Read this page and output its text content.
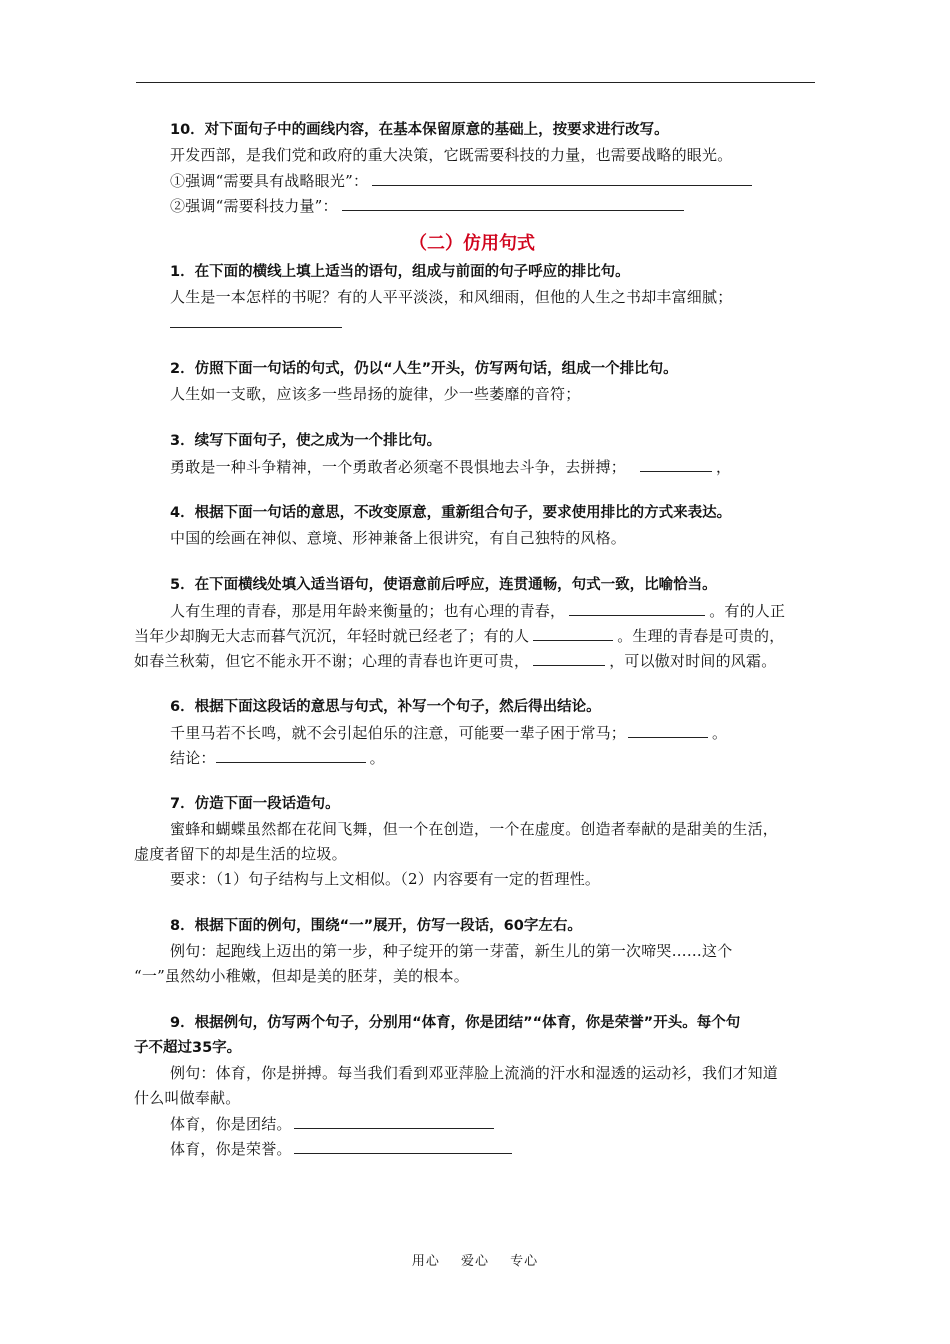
10．对下面句子中的画线内容，在基本保留原意的基础上，按要求进行改写。
开发西部，是我们党和政府的重大决策，它既需要科技的力量，也需要战略的眼光。
①强调“需要具有战略眼光”：
②强调“需要科技力量”：
（二）仿用句式
1．在下面的横线上填上适当的语句，组成与前面的句子呼应的排比句。
人生是一本怎样的书呢？有的人平平淡淡，和风细雨，但他的人生之书却丰富细腻；
2．仿照下面一句话的句式，仍以“人生”开头，仿写两句话，组成一个排比句。
人生如一支歌，应该多一些昂扬的旋律，少一些萎靡的音符；
3．续写下面句子，使之成为一个排比句。
勇敢是一种斗争精神，一个勇敢者必须毫不畏惧地去斗争，去拼搏；	，
4．根据下面一句话的意思，不改变原意，重新组合句子，要求使用排比的方式来表达。
中国的绘画在神似、意境、形神兼备上很讲究，有自己独特的风格。
5．在下面横线处填入适当语句，使语意前后呼应，连贯通畅，句式一致，比喻恰当。
人有生理的青春，那是用年龄来衡量的；也有心理的青春，	。有的人正
当年少却胸无大志而暮气沉沉，年轻时就已经老了；有的人	。生理的青春是可贵的，
如春兰秋菊，但它不能永开不谢；心理的青春也许更可贵，	，可以傲对时间的风霜。
6．根据下面这段话的意思与句式，补写一个句子，然后得出结论。
千里马若不长鸣，就不会引起伯乐的注意，可能要一辈子困于常马；	。
结论：	。
7．仿造下面一段话造句。
蜜蜂和蝴蝶虽然都在花间飞舞，但一个在创造，一个在虚度。创造者奉献的是甜美的生活，
虚度者留下的却是生活的垃圾。
要求：（1）句子结构与上文相似。（2）内容要有一定的哲理性。
8．根据下面的例句，围绕“一”展开，仿写一段话，60字左右。
例句：起跑线上迈出的第一步，种子绽开的第一芽蕾，新生儿的第一次啼哭……这个
“一”虽然幼小稚嫩，但却是美的胚芽，美的根本。
9．根据例句，仿写两个句子，分别用“体育，你是团结”“体育，你是荣誉”开头。每个句
子不超过35字。
例句：体育，你是拼搏。每当我们看到邓亚萍脸上流淌的汗水和湿透的运动衫，我们才知道
什么叫做奉献。
体育，你是团结。
体育，你是荣誉。
用心 爱心 专心
